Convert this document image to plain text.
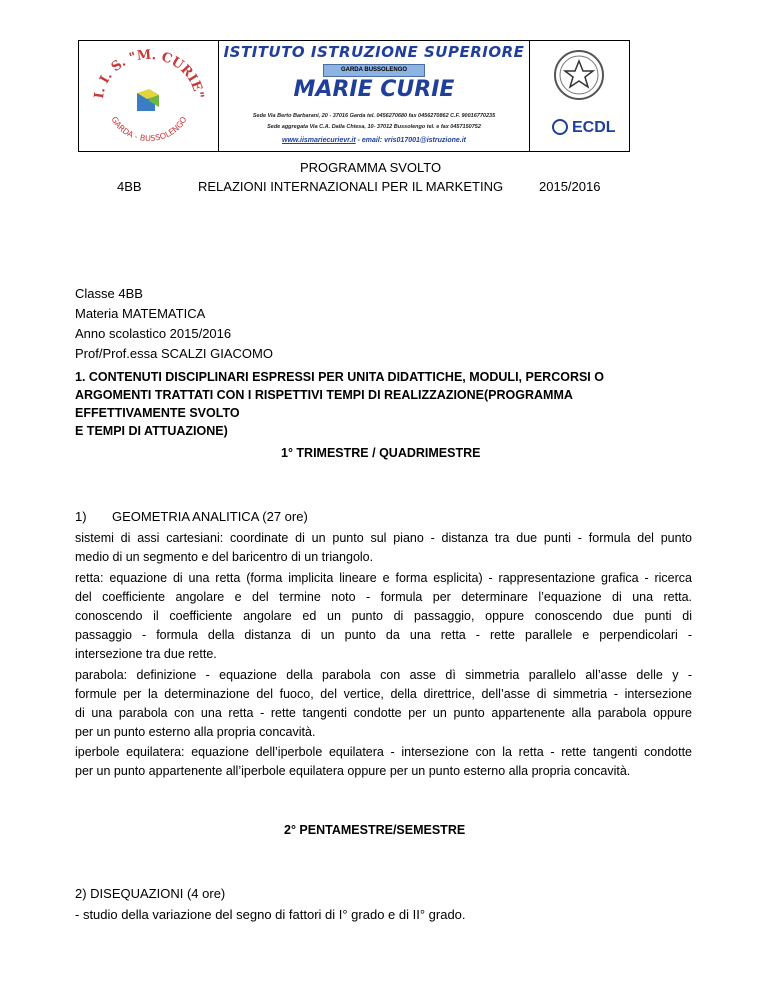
I. I. S. "M. CURIE"
GARDA - BUSSOLENGO
ISTITUTO ISTRUZIONE SUPERIORE
GARDA BUSSOLENGO
MARIE CURIE
Sede Via Berto Barbarani, 20 - 37016 Garda tel. 0456270680 fax 0456270862 C.F. 90016770235
Sede aggregata Via C.A. Dalla Chiesa, 10- 37012 Bussolengo tel. e fax 0457150752
www.iismariecurievr.it - email: vris017001@istruzione.it
ECDL
PROGRAMMA SVOLTO
4BB	RELAZIONI INTERNAZIONALI PER IL MARKETING	2015/2016
Classe 4BB
Materia MATEMATICA
Anno scolastico 2015/2016
Prof/Prof.essa SCALZI GIACOMO
1. CONTENUTI DISCIPLINARI ESPRESSI PER UNITA DIDATTICHE, MODULI, PERCORSI O
ARGOMENTI TRATTATI CON I RISPETTIVI TEMPI DI REALIZZAZIONE(PROGRAMMA
EFFETTIVAMENTE SVOLTO
E TEMPI DI ATTUAZIONE)
1° TRIMESTRE / QUADRIMESTRE
1) GEOMETRIA ANALITICA (27 ore)
sistemi di assi cartesiani: coordinate di un punto sul piano - distanza tra due punti - formula del punto
medio di un segmento e del baricentro di un triangolo.
retta: equazione di una retta (forma implicita lineare e forma esplicita) - rappresentazione grafica - ricerca
del coefficiente angolare e del termine noto - formula per determinare l’equazione di una retta.
conoscendo il coefficiente angolare ed un punto di passaggio, oppure conoscendo due punti di
passaggio - formula della distanza di un punto da una retta - rette parallele e perpendicolari -
intersezione tra due rette.
parabola: definizione - equazione della parabola con asse dì simmetria parallelo all’asse delle y -
formule per la determinazione del fuoco, del vertice, della direttrice, dell’asse di simmetria - intersezione
di una parabola con una retta - rette tangenti condotte per un punto appartenente alla parabola oppure
per un punto esterno alla propria concavità.
iperbole equilatera: equazione dell’iperbole equilatera - intersezione con la retta - rette tangenti condotte
per un punto appartenente all’iperbole equilatera oppure per un punto esterno alla propria concavità.
2° PENTAMESTRE/SEMESTRE
2) DISEQUAZIONI (4 ore)
- studio della variazione del segno di fattori di I° grado e di II° grado.
